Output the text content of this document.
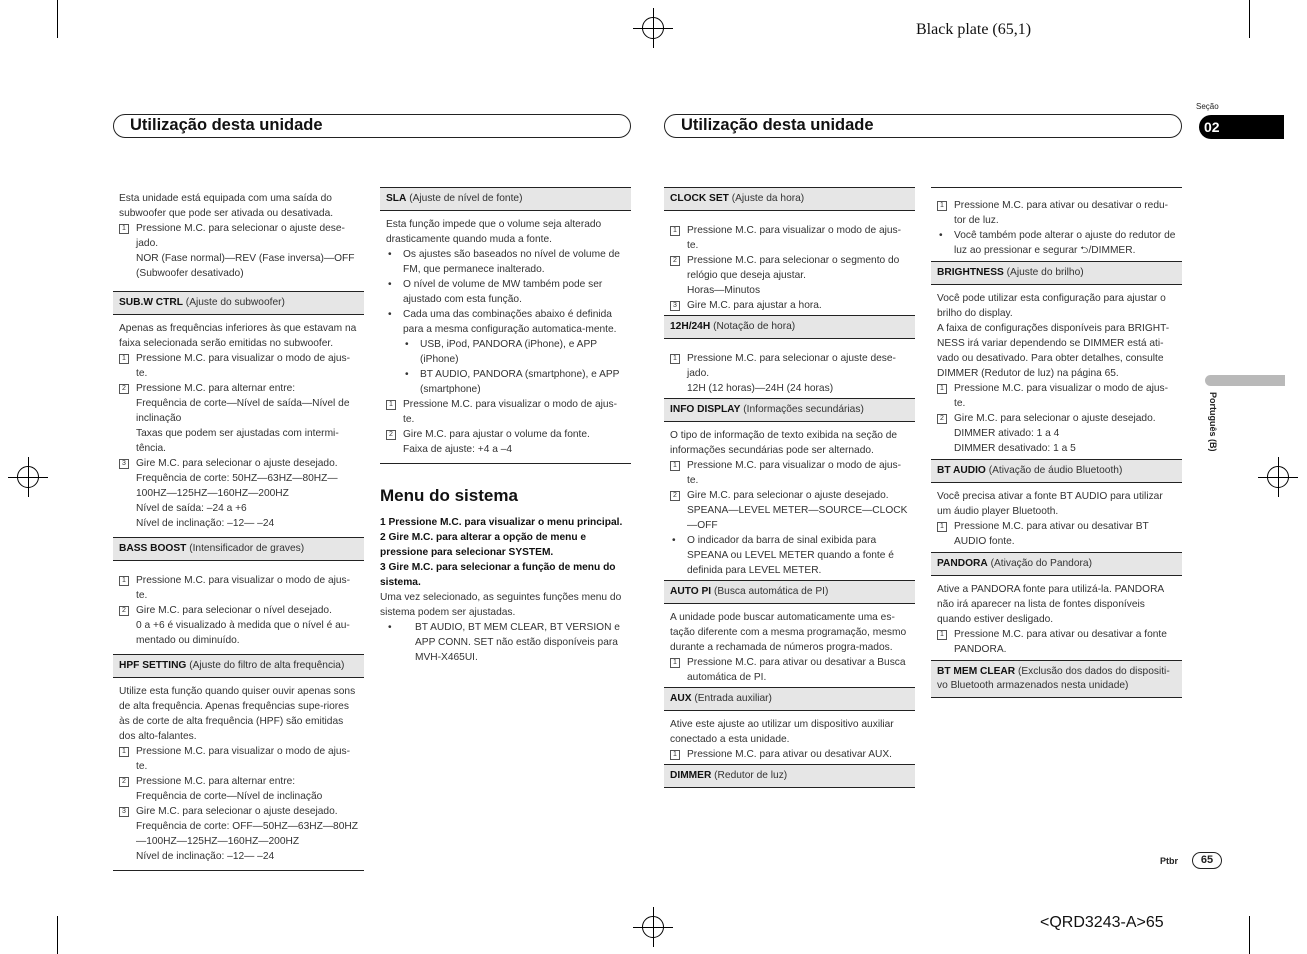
Black plate (65,1)
<QRD3243-A>65
Utilização desta unidade	Utilização desta unidade
Seção
02
Português (B)
Ptbr	65

Esta unidade está equipada com uma saída do subwoofer que pode ser ativada ou desativada.

1 Pressione M.C. para selecionar o ajuste dese-jado.

NOR (Fase normal)—REV (Fase inversa)—OFF (Subwoofer desativado)

SUB.W CTRL (Ajuste do subwoofer)

Apenas as frequências inferiores às que estavam na faixa selecionada serão emitidas no subwoofer.

1 Pressione M.C. para visualizar o modo de ajus-te.
2 Pressione M.C. para alternar entre:

Frequência de corte—Nível de saída—Nível de inclinação

Taxas que podem ser ajustadas com intermi-tência.

3 Gire M.C. para selecionar o ajuste desejado.

Frequência de corte: 50HZ—63HZ—80HZ—100HZ—125HZ—160HZ—200HZ

Nível de saída: –24 a +6

Nível de inclinação: –12— –24

BASS BOOST (Intensificador de graves)
1 Pressione M.C. para visualizar o modo de ajus-te.
2 Gire M.C. para selecionar o nível desejado.

0 a +6 é visualizado à medida que o nível é au-mentado ou diminuído.

HPF SETTING (Ajuste do filtro de alta frequência)

Utilize esta função quando quiser ouvir apenas sons de alta frequência. Apenas frequências supe-riores às de corte de alta frequência (HPF) são emitidas dos alto-falantes.

1 Pressione M.C. para visualizar o modo de ajus-te.
2 Pressione M.C. para alternar entre:

Frequência de corte—Nível de inclinação

3 Gire M.C. para selecionar o ajuste desejado.

Frequência de corte: OFF—50HZ—63HZ—80HZ—100HZ—125HZ—160HZ—200HZ

Nível de inclinação: –12— –24

SLA (Ajuste de nível de fonte)

Esta função impede que o volume seja alterado drasticamente quando muda a fonte.

• Os ajustes são baseados no nível de volume de FM, que permanece inalterado.
• O nível de volume de MW também pode ser ajustado com esta função.
• Cada uma das combinações abaixo é definida para a mesma configuração automatica-mente.
• USB, iPod, PANDORA (iPhone), e APP (iPhone)
• BT AUDIO, PANDORA (smartphone), e APP (smartphone)
1 Pressione M.C. para visualizar o modo de ajus-te.
2 Gire M.C. para ajustar o volume da fonte.

Faixa de ajuste: +4 a –4

Menu do sistema

1 Pressione M.C. para visualizar o menu principal.

2 Gire M.C. para alterar a opção de menu e pressione para selecionar SYSTEM.

3 Gire M.C. para selecionar a função de menu do sistema.

Uma vez selecionado, as seguintes funções menu do sistema podem ser ajustadas.

• BT AUDIO, BT MEM CLEAR, BT VERSION e APP CONN. SET não estão disponíveis para MVH-X465UI.
CLOCK SET (Ajuste da hora)
1 Pressione M.C. para visualizar o modo de ajus-te.
2 Pressione M.C. para selecionar o segmento do relógio que deseja ajustar.

Horas—Minutos

3 Gire M.C. para ajustar a hora.
12H/24H (Notação de hora)
1 Pressione M.C. para selecionar o ajuste dese-jado.

12H (12 horas)—24H (24 horas)

INFO DISPLAY (Informações secundárias)

O tipo de informação de texto exibida na seção de informações secundárias pode ser alternado.

1 Pressione M.C. para visualizar o modo de ajus-te.
2 Gire M.C. para selecionar o ajuste desejado.

SPEANA—LEVEL METER—SOURCE—CLOCK—OFF

• O indicador da barra de sinal exibida para SPEANA ou LEVEL METER quando a fonte é definida para LEVEL METER.
AUTO PI (Busca automática de PI)

A unidade pode buscar automaticamente uma es-tação diferente com a mesma programação, mesmo durante a rechamada de números progra-mados.

1 Pressione M.C. para ativar ou desativar a Busca automática de PI.
AUX (Entrada auxiliar)

Ative este ajuste ao utilizar um dispositivo auxiliar conectado a esta unidade.

1 Pressione M.C. para ativar ou desativar AUX.
DIMMER (Redutor de luz)
1 Pressione M.C. para ativar ou desativar o redu-tor de luz.
• Você também pode alterar o ajuste do redutor de luz ao pressionar e segurar ⮌/DIMMER.
BRIGHTNESS (Ajuste do brilho)

Você pode utilizar esta configuração para ajustar o brilho do display.

A faixa de configurações disponíveis para BRIGHT-NESS irá variar dependendo se DIMMER está ati-vado ou desativado. Para obter detalhes, consulte DIMMER (Redutor de luz) na página 65.

1 Pressione M.C. para visualizar o modo de ajus-te.
2 Gire M.C. para selecionar o ajuste desejado.

DIMMER ativado: 1 a 4

DIMMER desativado: 1 a 5

BT AUDIO (Ativação de áudio Bluetooth)

Você precisa ativar a fonte BT AUDIO para utilizar um áudio player Bluetooth.

1 Pressione M.C. para ativar ou desativar BT AUDIO fonte.
PANDORA (Ativação do Pandora)

Ative a PANDORA fonte para utilizá-la. PANDORA não irá aparecer na lista de fontes disponíveis quando estiver desligado.

1 Pressione M.C. para ativar ou desativar a fonte PANDORA.
BT MEM CLEAR (Exclusão dos dados do dispositi-vo Bluetooth armazenados nesta unidade)
